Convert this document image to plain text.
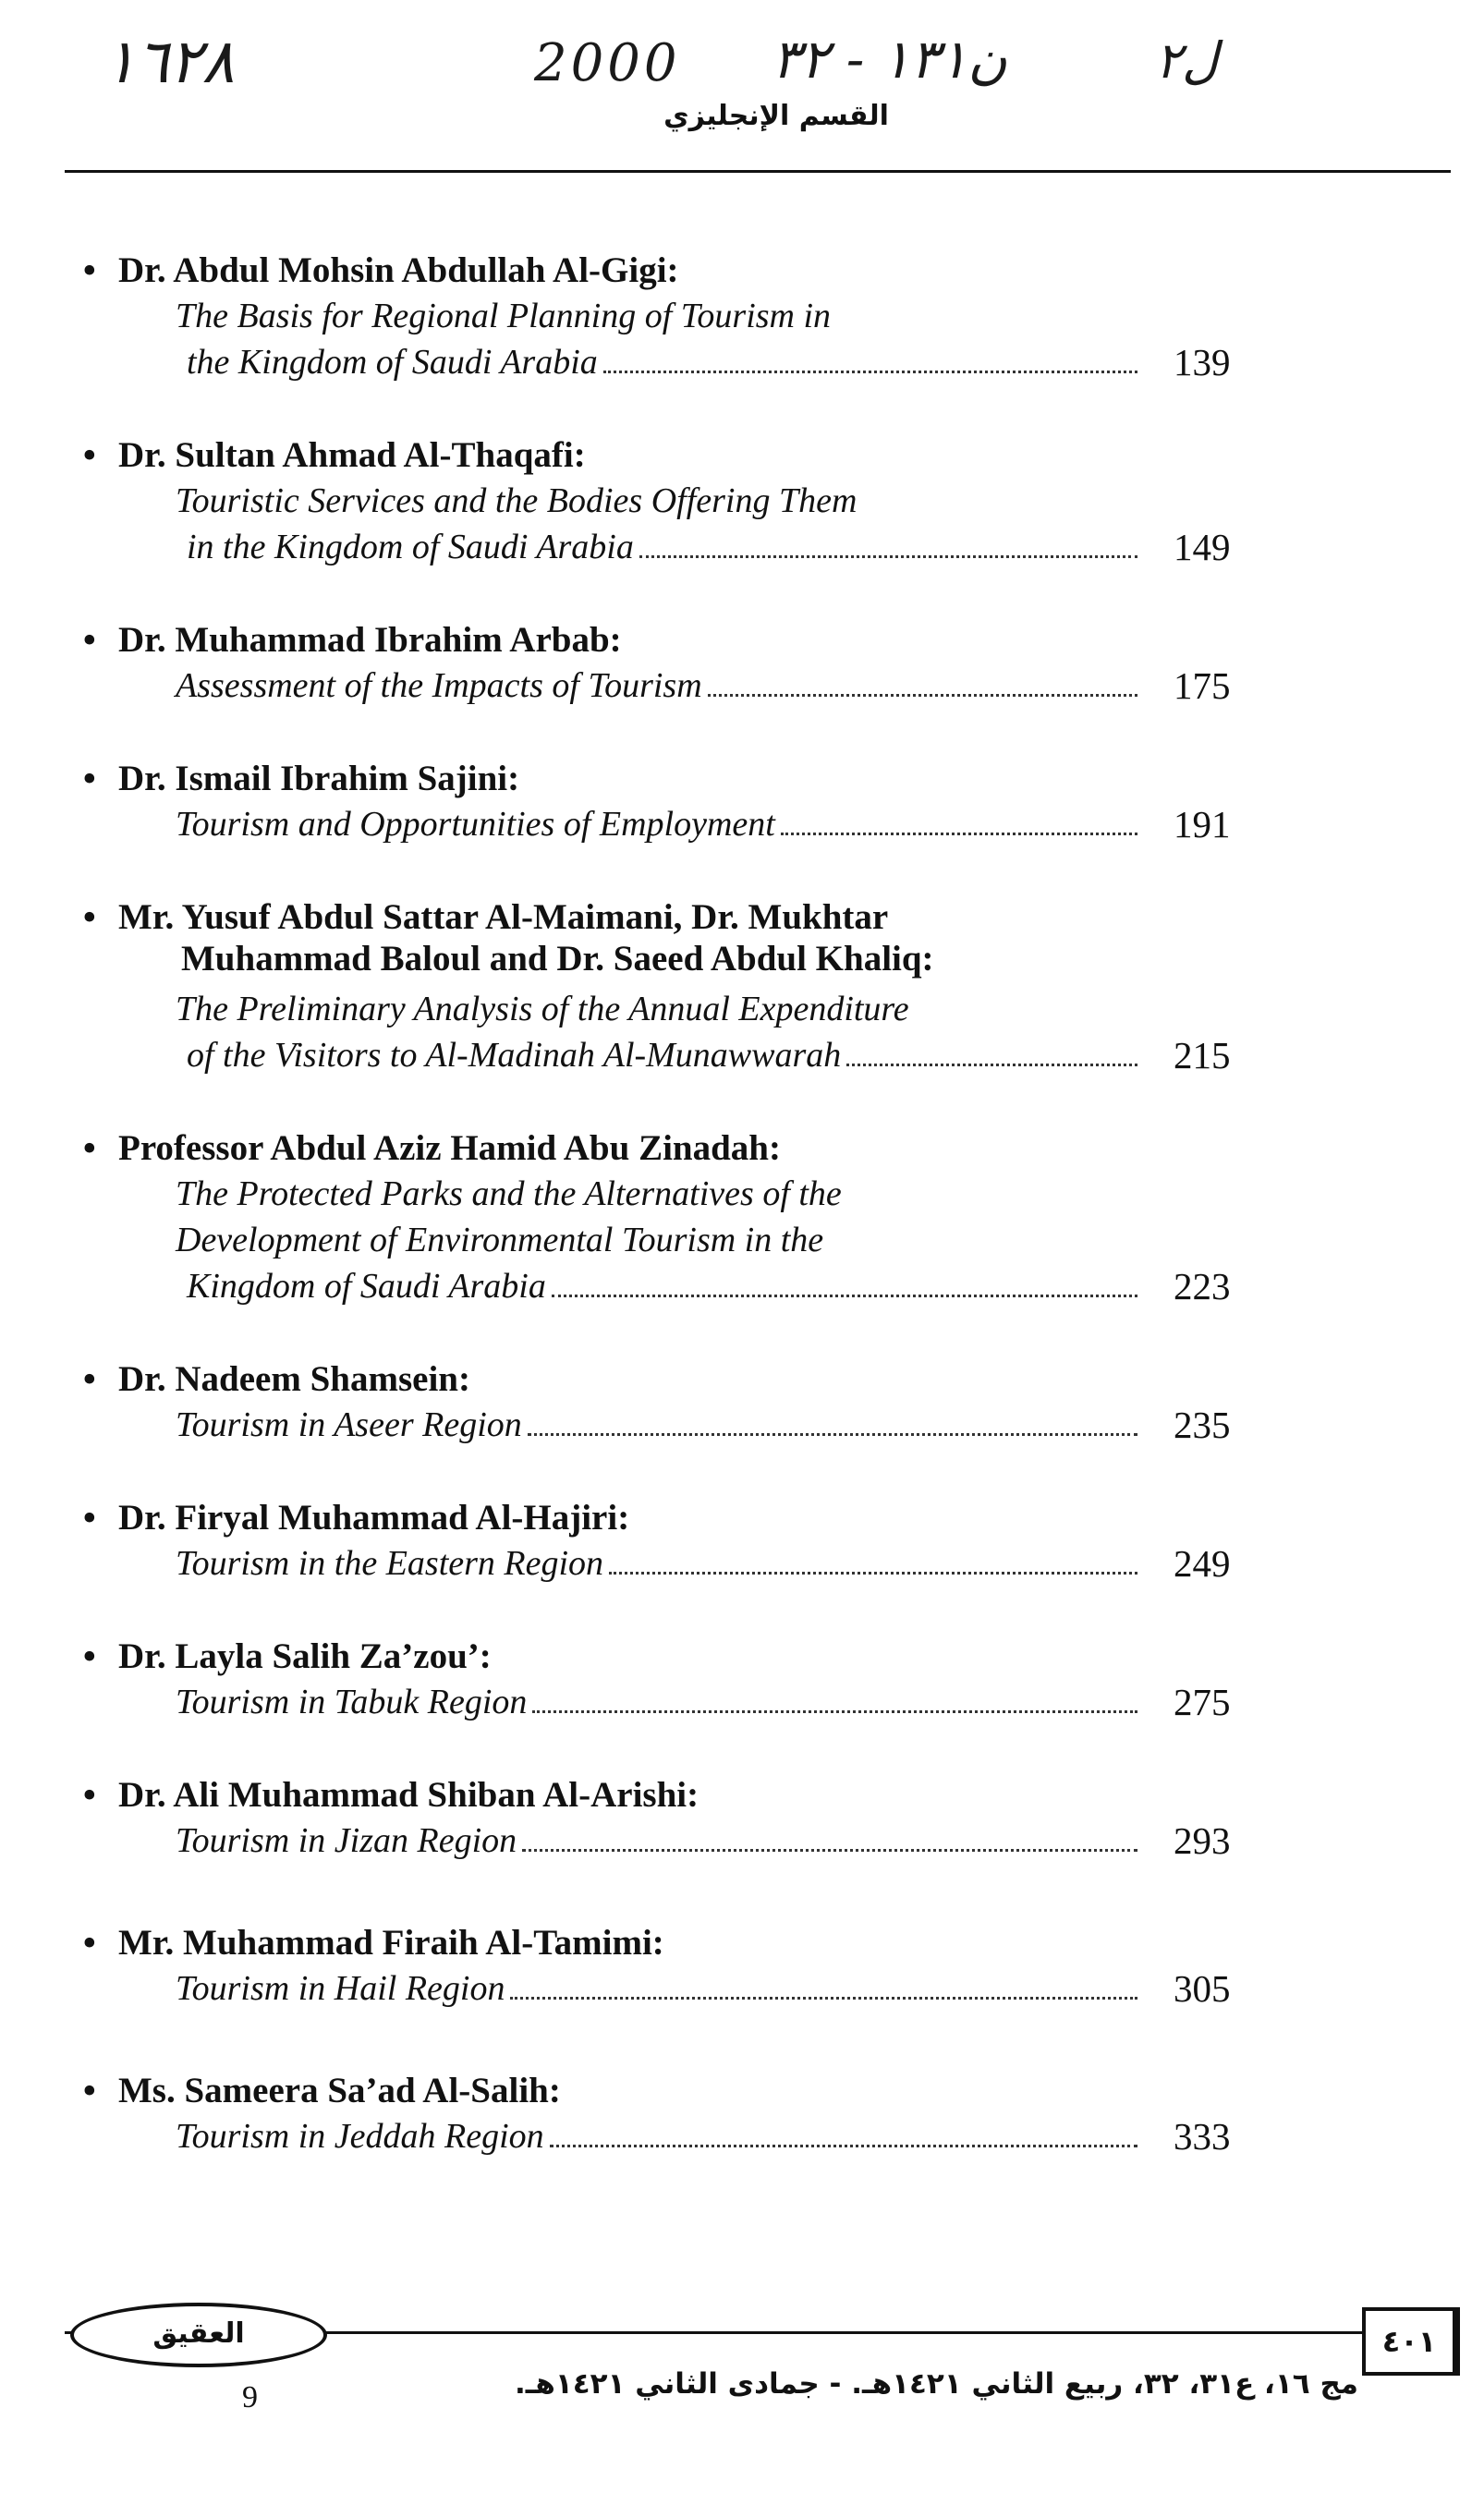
١٦٢٨	2000 ن١٣١ - ٣٢	ل٢
القسم الإنجليزي
• Dr. Abdul Mohsin Abdullah Al-Gigi:
The Basis for Regional Planning of Tourism in
the Kingdom of Saudi Arabia	139
• Dr. Sultan Ahmad Al-Thaqafi:
Touristic Services and the Bodies Offering Them
in the Kingdom of Saudi Arabia	149
• Dr. Muhammad Ibrahim Arbab:
Assessment of the Impacts of Tourism	175
• Dr. Ismail Ibrahim Sajini:
Tourism and Opportunities of Employment	191
• Mr. Yusuf Abdul Sattar Al-Maimani, Dr. Mukhtar
Muhammad Baloul and Dr. Saeed Abdul Khaliq:
The Preliminary Analysis of the Annual Expenditure
of the Visitors to Al-Madinah Al-Munawwarah	215
• Professor Abdul Aziz Hamid Abu Zinadah:
The Protected Parks and the Alternatives of the
Development of Environmental Tourism in the
Kingdom of Saudi Arabia	223
• Dr. Nadeem Shamsein:
Tourism in Aseer Region	235
• Dr. Firyal Muhammad Al-Hajiri:
Tourism in the Eastern Region	249
• Dr. Layla Salih Za’zou’:
Tourism in Tabuk Region	275
• Dr. Ali Muhammad Shiban Al-Arishi:
Tourism in Jizan Region	293
• Mr. Muhammad Firaih Al-Tamimi:
Tourism in Hail Region	305
• Ms. Sameera Sa’ad Al-Salih:
Tourism in Jeddah Region	333
العقيق
9	مج ١٦، ع٣١، ٣٢، ربيع الثاني ١٤٢١هـ. - جمادى الثاني ١٤٢١هـ.
٤٠١
